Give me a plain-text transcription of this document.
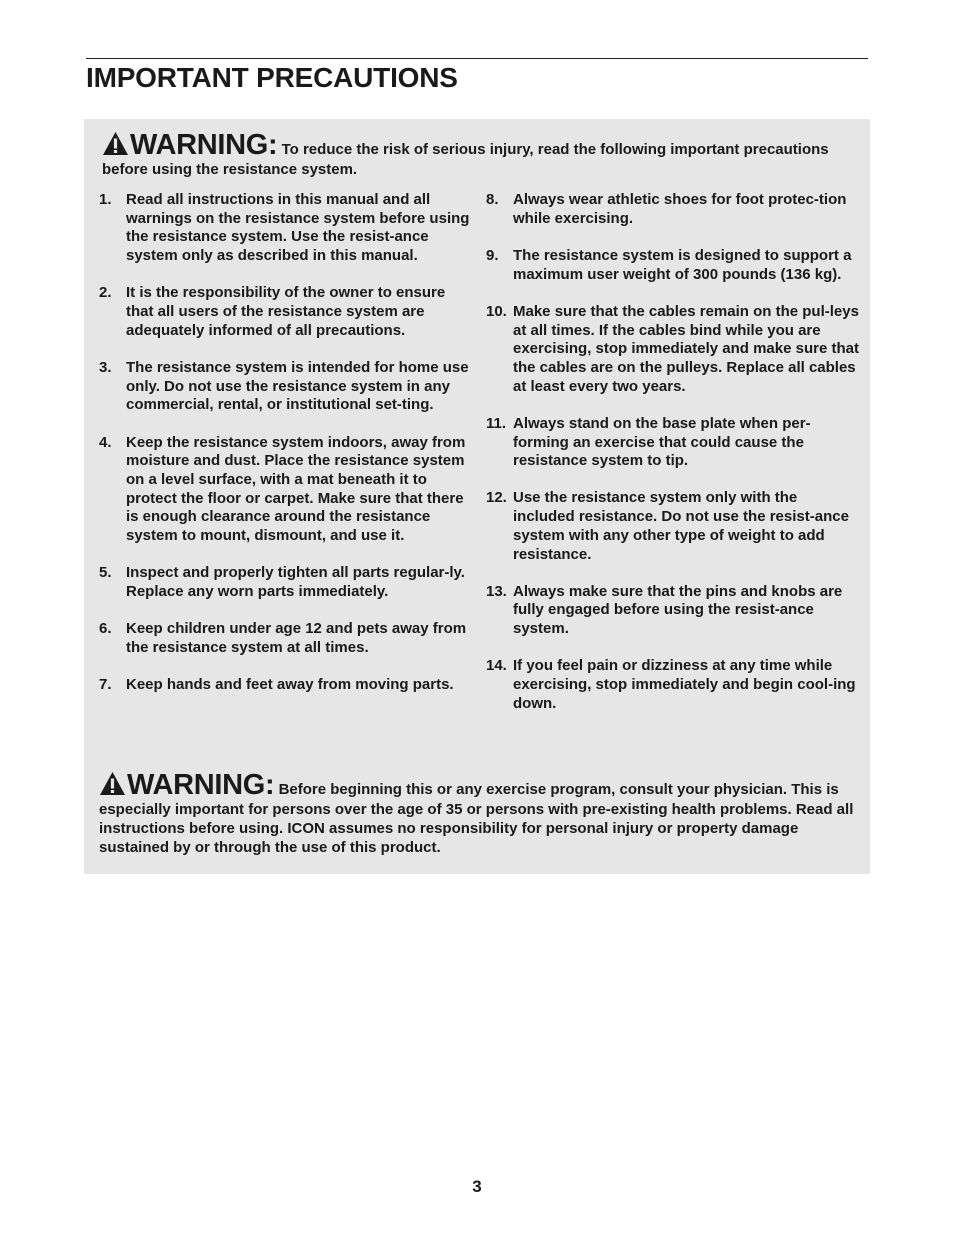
IMPORTANT PRECAUTIONS
WARNING: To reduce the risk of serious injury, read the following important precautions before using the resistance system.
1. Read all instructions in this manual and all warnings on the resistance system before using the resistance system. Use the resist-ance system only as described in this manual.
2. It is the responsibility of the owner to ensure that all users of the resistance system are adequately informed of all precautions.
3. The resistance system is intended for home use only. Do not use the resistance system in any commercial, rental, or institutional set-ting.
4. Keep the resistance system indoors, away from moisture and dust. Place the resistance system on a level surface, with a mat beneath it to protect the floor or carpet. Make sure that there is enough clearance around the resistance system to mount, dismount, and use it.
5. Inspect and properly tighten all parts regular-ly. Replace any worn parts immediately.
6. Keep children under age 12 and pets away from the resistance system at all times.
7. Keep hands and feet away from moving parts.
8. Always wear athletic shoes for foot protec-tion while exercising.
9. The resistance system is designed to support a maximum user weight of 300 pounds (136 kg).
10. Make sure that the cables remain on the pul-leys at all times. If the cables bind while you are exercising, stop immediately and make sure that the cables are on the pulleys. Replace all cables at least every two years.
11. Always stand on the base plate when per-forming an exercise that could cause the resistance system to tip.
12. Use the resistance system only with the included resistance. Do not use the resist-ance system with any other type of weight to add resistance.
13. Always make sure that the pins and knobs are fully engaged before using the resist-ance system.
14. If you feel pain or dizziness at any time while exercising, stop immediately and begin cool-ing down.
WARNING: Before beginning this or any exercise program, consult your physician. This is especially important for persons over the age of 35 or persons with pre-existing health problems. Read all instructions before using. ICON assumes no responsibility for personal injury or property damage sustained by or through the use of this product.
3
